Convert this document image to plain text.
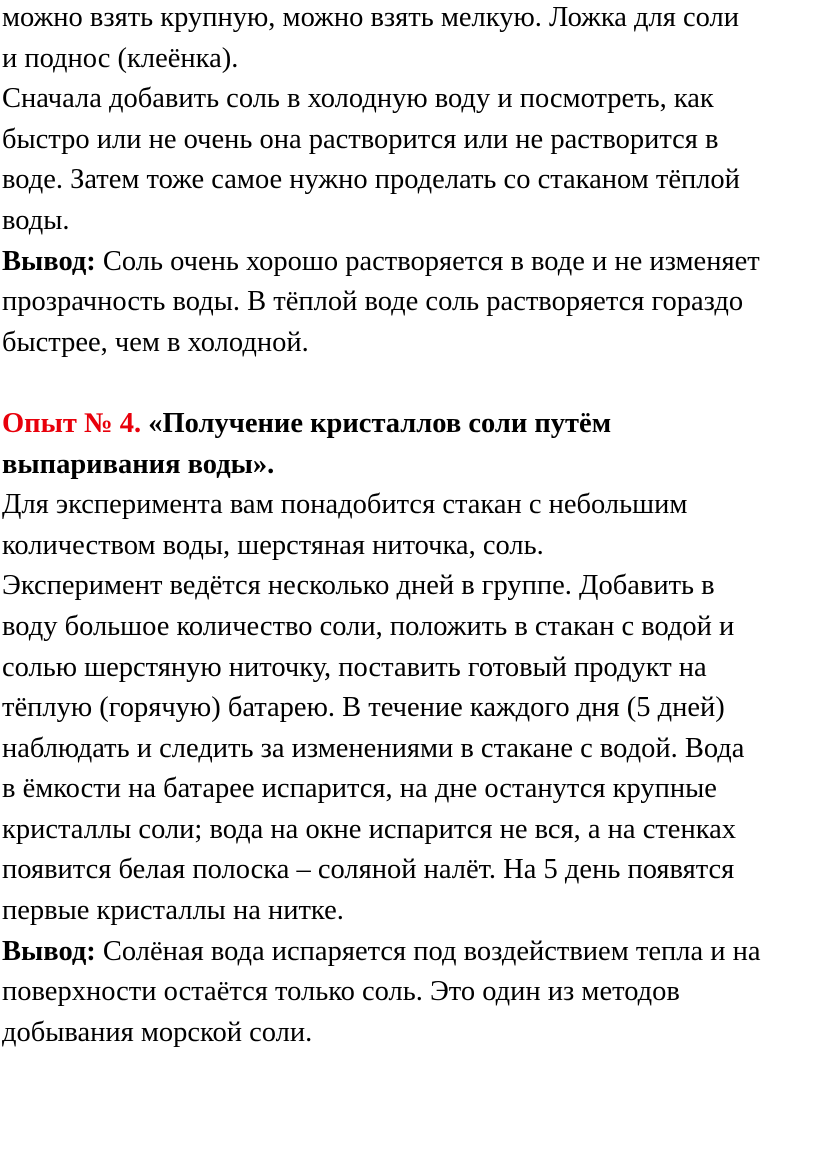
можно взять крупную, можно взять мелкую. Ложка для соли
и поднос (клеёнка).
Сначала добавить соль в холодную воду и посмотреть, как
быстро или не очень она растворится или не растворится в
воде. Затем тоже самое нужно проделать со стаканом тёплой
воды.
Вывод: Соль очень хорошо растворяется в воде и не изменяет
прозрачность воды. В тёплой воде соль растворяется гораздо
быстрее, чем в холодной.
Опыт № 4. «Получение кристаллов соли путём
выпаривания воды».
Для эксперимента вам понадобится стакан с небольшим
количеством воды, шерстяная ниточка, соль.
Эксперимент ведётся несколько дней в группе. Добавить в
воду большое количество соли, положить в стакан с водой и
солью шерстяную ниточку, поставить готовый продукт на
тёплую (горячую) батарею. В течение каждого дня (5 дней)
наблюдать и следить за изменениями в стакане с водой. Вода
в ёмкости на батарее испарится, на дне останутся крупные
кристаллы соли; вода на окне испарится не вся, а на стенках
появится белая полоска – соляной налёт. На 5 день появятся
первые кристаллы на нитке.
Вывод: Солёная вода испаряется под воздействием тепла и на
поверхности остаётся только соль. Это один из методов
добывания морской соли.
